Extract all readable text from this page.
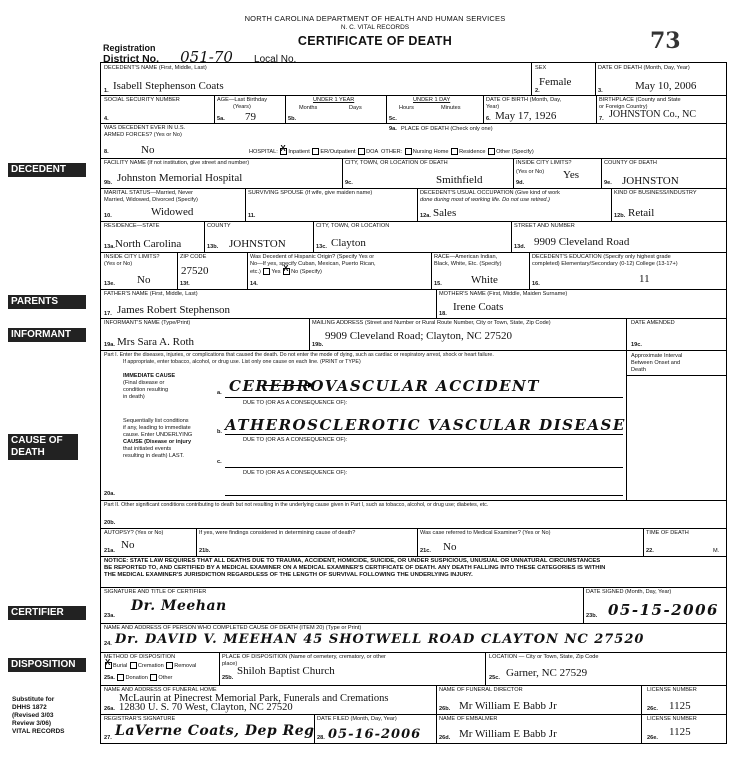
NORTH CAROLINA DEPARTMENT OF HEALTH AND HUMAN SERVICES
N. C. VITAL RECORDS
CERTIFICATE OF DEATH	73
Registration
District No. 051-70 Local No.
DECEDENT
PARENTS
INFORMANT
CAUSE OF DEATH
CERTIFIER
DISPOSITION
Substitute for
DHHS 1872
(Revised 3/03
Review 3/06)
VITAL RECORDS
DECEDENT'S NAME (First, Middle, Last)
1. Isabell Stephenson Coats
SEX
2.
Female
DATE OF DEATH (Month, Day, Year)
3.	May 10, 2006
SOCIAL SECURITY NUMBER
4.
AGE—Last Birthday
(Years)
5a. 79
UNDER 1 YEAR
Months	Days
5b.
UNDER 1 DAY
Hours	Minutes
5c.
DATE OF BIRTH (Month, Day,
Year)
6. May 17, 1926
BIRTHPLACE (County and State
or Foreign Country)
7. JOHNSTON Co., NC
WAS DECEDENT EVER IN U.S.
ARMED FORCES? (Yes or No)
8.	No
9a. PLACE OF DEATH (Check only one)
HOSPITAL: X Inpatient ER/Outpatient DOA OTHER: Nursing Home Residence Other (Specify)
FACILITY NAME (If not institution, give street and number)
9b. Johnston Memorial Hospital
CITY, TOWN, OR LOCATION OF DEATH
9c.	Smithfield
INSIDE CITY LIMITS?
(Yes or No)
9d.
Yes
COUNTY OF DEATH
9e. JOHNSTON
MARITAL STATUS—Married, Never
Married, Widowed, Divorced (Specify)
10.	Widowed
SURVIVING SPOUSE (If wife, give maiden name)
11.
DECEDENT'S USUAL OCCUPATION (Give kind of work
done during most of working life. Do not use retired.)
12a. Sales
KIND OF BUSINESS/INDUSTRY
12b. Retail
RESIDENCE—STATE
13a. North Carolina
COUNTY
13b. JOHNSTON
CITY, TOWN, OR LOCATION
13c. Clayton
STREET AND NUMBER
13d. 9909 Cleveland Road
INSIDE CITY LIMITS?
(Yes or No)
13e. No
ZIP CODE
13f.
27520
Was Decedent of Hispanic Origin? (Specify Yes or
No—If yes, specify Cuban, Mexican, Puerto Rican,
etc.) Yes X No (Specify)
14.
RACE—American Indian,
Black, White, Etc. (Specify)
15.	White
DECEDENT'S EDUCATION (Specify only highest grade
completed) Elementary/Secondary (0-12) College (13-17+)
16.	11
FATHER'S NAME (First, Middle, Last)
17. James Robert Stephenson
MOTHER'S NAME (First, Middle, Maiden Surname)
18.
Irene Coats
INFORMANT'S NAME (Type/Print)
19a. Mrs Sara A. Roth
MAILING ADDRESS (Street and Number or Rural Route Number, City or Town, State, Zip Code)
19b.
9909 Cleveland Road; Clayton, NC 27520
DATE AMENDED
19c.
Part I. Enter the diseases, injuries, or complications that caused the death. Do not enter the mode of dying, such as cardiac or respiratory arrest, shock or heart failure.
If appropriate, enter tobacco, alcohol, or drug use. List only one cause on each line. (PRINT or TYPE)
Approximate Interval
Between Onset and
Death
IMMEDIATE CAUSE
(Final disease or
condition resulting
in death)
a. CEREBROVASCULAR ACCIDENT
DUE TO (OR AS A CONSEQUENCE OF):
Sequentially list conditions
if any, leading to immediate
cause. Enter UNDERLYING
CAUSE (Disease or injury
that initiated events
resulting in death) LAST.
b. ATHEROSCLEROTIC VASCULAR DISEASE
DUE TO (OR AS A CONSEQUENCE OF):
c.
DUE TO (OR AS A CONSEQUENCE OF):
20a.
Part II. Other significant conditions contributing to death but not resulting in the underlying cause given in Part I, such as tobacco, alcohol, or drug use; diabetes, etc.
20b.
AUTOPSY? (Yes or No)
21a. No
If yes, were findings considered in determining cause of death?
21b.
Was case referred to Medical Examiner? (Yes or No)
21c. No
TIME OF DEATH
22.	M.
NOTICE: STATE LAW REQUIRES THAT ALL DEATHS DUE TO TRAUMA, ACCIDENT, HOMICIDE, SUICIDE, OR UNDER SUSPICIOUS, UNUSUAL OR UNNATURAL CIRCUMSTANCES
BE REPORTED TO, AND CERTIFIED BY A MEDICAL EXAMINER ON A MEDICAL EXAMINER'S CERTIFICATE OF DEATH. ANY DEATH FALLING INTO THESE CATEGORIES IS WITHIN
THE MEDICAL EXAMINER'S JURISDICTION REGARDLESS OF THE LENGTH OF SURVIVAL FOLLOWING THE UNDERLYING INJURY.
SIGNATURE AND TITLE OF CERTIFIER
23a.
Dr. Meehan
DATE SIGNED (Month, Day, Year)
23b. 05-15-2006
NAME AND ADDRESS OF PERSON WHO COMPLETED CAUSE OF DEATH (ITEM 20) (Type or Print)
24. Dr. DAVID V. MEEHAN 45 SHOTWELL ROAD CLAYTON NC 27520
METHOD OF DISPOSITION
XBurial Cremation Removal
25a. Donation Other
PLACE OF DISPOSITION (Name of cemetery, crematory, or other
place)
25b.
Shiloh Baptist Church
LOCATION — City or Town, State, Zip Code
25c. Garner, NC 27529
NAME AND ADDRESS OF FUNERAL HOME
McLaurin at Pinecrest Memorial Park, Funerals and Cremations
26a. 12830 U. S. 70 West, Clayton, NC 27520
NAME OF FUNERAL DIRECTOR
26b. Mr William E Babb Jr
LICENSE NUMBER
26c. 1125
REGISTRAR'S SIGNATURE
27. LaVerne Coats, Dep Reg
DATE FILED (Month, Day, Year)
28. 05-16-2006
NAME OF EMBALMER
26d. Mr William E Babb Jr
LICENSE NUMBER
26e. 1125
